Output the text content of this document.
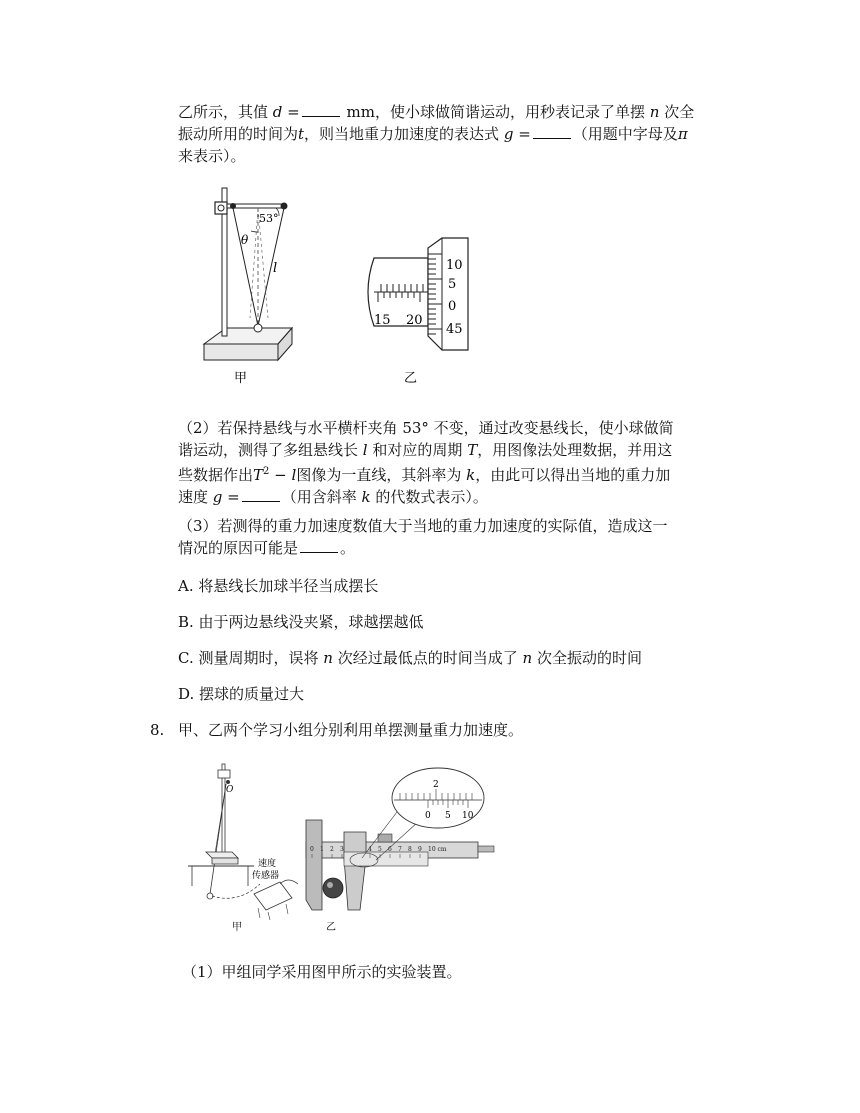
乙所示，其值 d =	mm，使小球做简谐运动，用秒表记录了单摆 n 次全

振动所用的时间为t，则当地重力加速度的表达式 g =	（用题中字母及π

来表示）。

53°
θ
l
甲
15 20
10
5
0
45
乙

（2）若保持悬线与水平横杆夹角 53° 不变，通过改变悬线长，使小球做简

谐运动，测得了多组悬线长 l 和对应的周期 T，用图像法处理数据，并用这

些数据作出$T^2 - l$图像为一直线，其斜率为 k，由此可以得出当地的重力加

速度 g =	（用含斜率 k 的代数式表示）。

（3）若测得的重力加速度数值大于当地的重力加速度的实际值，造成这一

情况的原因可能是	。

A. 将悬线长加球半径当成摆长

B. 由于两边悬线没夹紧，球越摆越低

C. 测量周期时，误将 n 次经过最低点的时间当成了 n 次全振动的时间

D. 摆球的质量过大

8. 甲、乙两个学习小组分别利用单摆测量重力加速度。

O
甲
速度
传感器
0 1 2 3	4 5 6 7 8 9 10 cm
乙
2
0 5 10

（1）甲组同学采用图甲所示的实验装置。
